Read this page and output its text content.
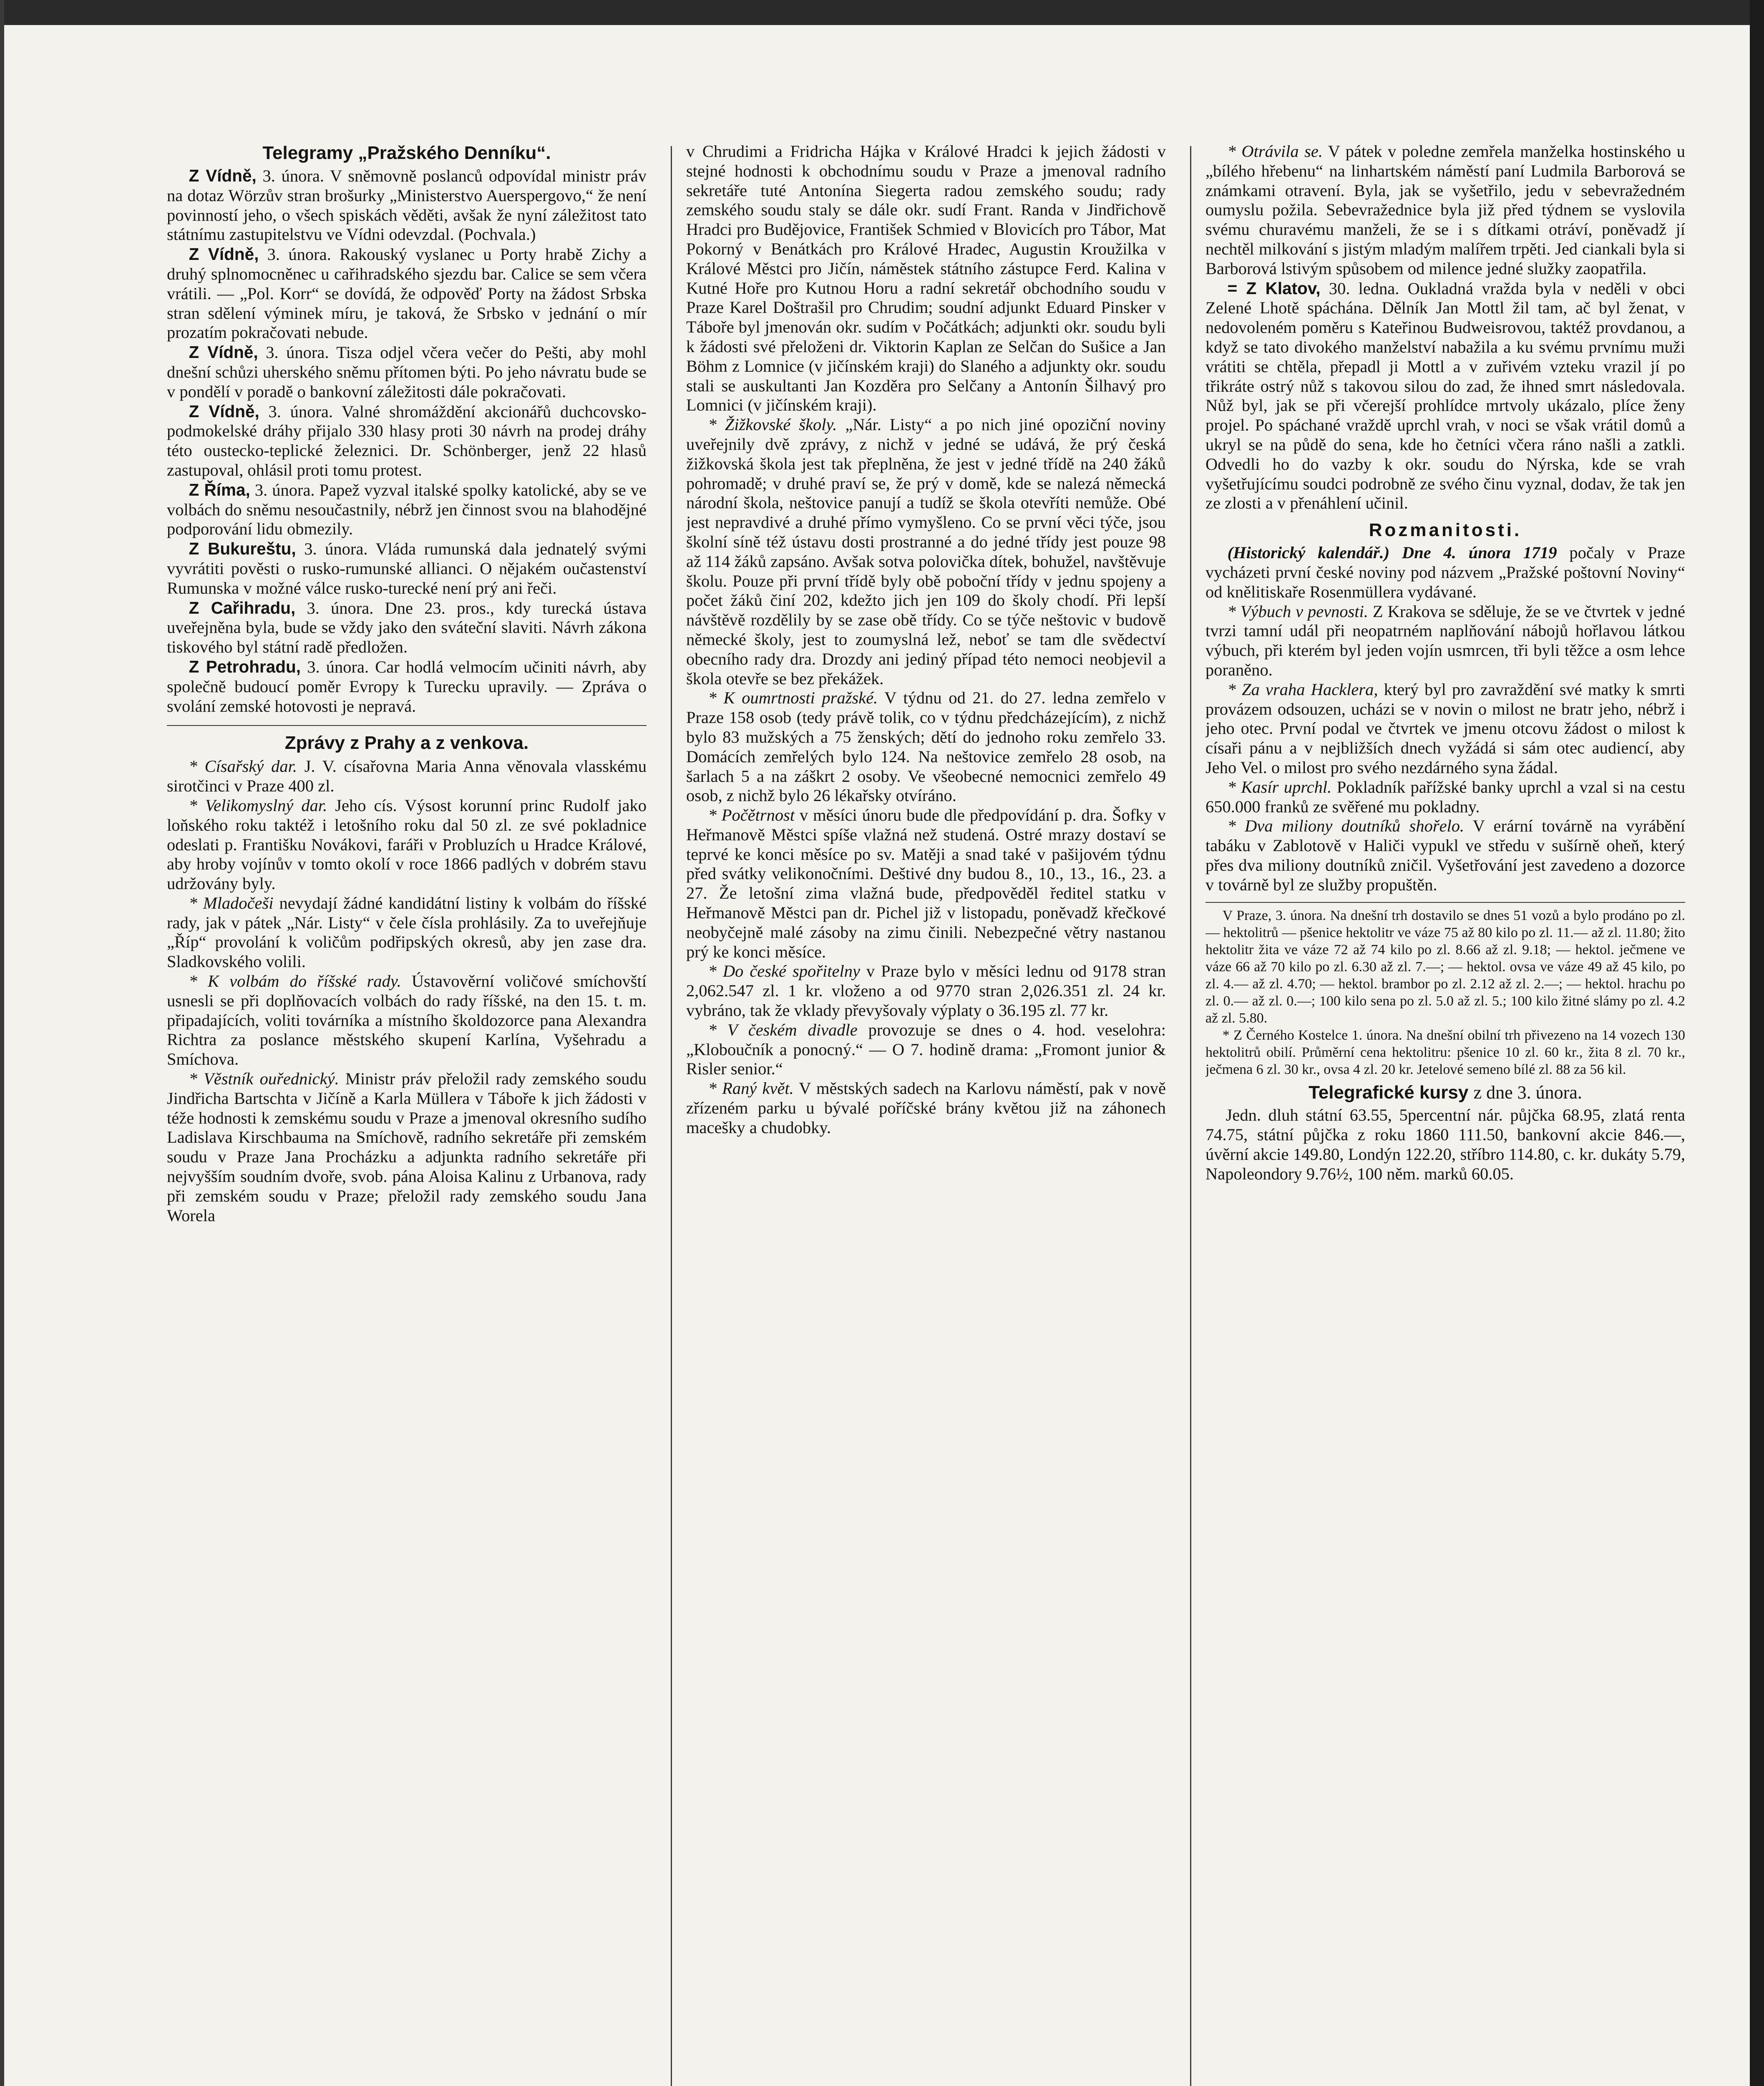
Telegramy „Pražského Denníku“.

Z Vídně, 3. února. V sněmovně poslanců odpovídal ministr práv na dotaz Wörzův stran brošurky „Ministerstvo Auerspergovo,“ že není povinností jeho, o všech spiskách věděti, avšak že nyní záležitost tato státnímu zastupitelstvu ve Vídni odevzdal. (Pochvala.)

Z Vídně, 3. února. Rakouský vyslanec u Porty hrabě Zichy a druhý splnomocněnec u cařihradského sjezdu bar. Calice se sem včera vrátili. — „Pol. Korr“ se dovídá, že odpověď Porty na žádost Srbska stran sdělení výminek míru, je taková, že Srbsko v jednání o mír prozatím pokračovati nebude.

Z Vídně, 3. února. Tisza odjel včera večer do Pešti, aby mohl dnešní schůzi uherského sněmu přítomen býti. Po jeho návratu bude se v pondělí v poradě o bankovní záležitosti dále pokračovati.

Z Vídně, 3. února. Valné shromáždění akcionářů duchcovsko-podmokelské dráhy přijalo 330 hlasy proti 30 návrh na prodej dráhy této oustecko-teplické železnici. Dr. Schönberger, jenž 22 hlasů zastupoval, ohlásil proti tomu protest.

Z Říma, 3. února. Papež vyzval italské spolky katolické, aby se ve volbách do sněmu nesoučastnily, nébrž jen činnost svou na blahodějné podporování lidu obmezily.

Z Bukureštu, 3. února. Vláda rumunská dala jednatelý svými vyvrátiti pověsti o rusko-rumunské allianci. O nějakém oučastenství Rumunska v možné válce rusko-turecké není prý ani řeči.

Z Cařihradu, 3. února. Dne 23. pros., kdy turecká ústava uveřejněna byla, bude se vždy jako den sváteční slaviti. Návrh zákona tiskového byl státní radě předložen.

Z Petrohradu, 3. února. Car hodlá velmocím učiniti návrh, aby společně budoucí poměr Evropy k Turecku upravily. — Zpráva o svolání zemské hotovosti je nepravá.

Zprávy z Prahy a z venkova.

* Císařský dar. J. V. císařovna Maria Anna věnovala vlasskému sirotčinci v Praze 400 zl.

* Velikomyslný dar. Jeho cís. Výsost korunní princ Rudolf jako loňského roku taktéž i letošního roku dal 50 zl. ze své pokladnice odeslati p. Františku Novákovi, faráři v Probluzích u Hradce Králové, aby hroby vojínův v tomto okolí v roce 1866 padlých v dobrém stavu udržovány byly.

* Mladočeši nevydají žádné kandidátní listiny k volbám do říšské rady, jak v pátek „Nár. Listy“ v čele čísla prohlásily. Za to uveřejňuje „Říp“ provolání k voličům podřipských okresů, aby jen zase dra. Sladkovského volili.

* K volbám do říšské rady. Ústavověrní voličové smíchovští usnesli se při doplňovacích volbách do rady říšské, na den 15. t. m. připadajících, voliti továrníka a místního školdozorce pana Alexandra Richtra za poslance městského skupení Karlína, Vyšehradu a Smíchova.

* Věstník ouřednický. Ministr práv přeložil rady zemského soudu Jindřicha Bartschta v Jičíně a Karla Müllera v Táboře k jich žádosti v téže hodnosti k zemskému soudu v Praze a jmenoval okresního sudího Ladislava Kirschbauma na Smíchově, radního sekretáře při zemském soudu v Praze Jana Procházku a adjunkta radního sekretáře při nejvyšším soudním dvoře, svob. pána Aloisa Kalinu z Urbanova, rady při zemském soudu v Praze; přeložil rady zemského soudu Jana Worela

v Chrudimi a Fridricha Hájka v Králové Hradci k jejich žádosti v stejné hodnosti k obchodnímu soudu v Praze a jmenoval radního sekretáře tuté Antonína Siegerta radou zemského soudu; rady zemského soudu staly se dále okr. sudí Frant. Randa v Jindřichově Hradci pro Budějovice, František Schmied v Blovicích pro Tábor, Mat Pokorný v Benátkách pro Králové Hradec, Augustin Kroužilka v Králové Městci pro Jičín, náměstek státního zástupce Ferd. Kalina v Kutné Hoře pro Kutnou Horu a radní sekretář obchodního soudu v Praze Karel Doštrašil pro Chrudim; soudní adjunkt Eduard Pinsker v Táboře byl jmenován okr. sudím v Počátkách; adjunkti okr. soudu byli k žádosti své přeloženi dr. Viktorin Kaplan ze Selčan do Sušice a Jan Böhm z Lomnice (v jičínském kraji) do Slaného a adjunkty okr. soudu stali se auskultanti Jan Kozděra pro Selčany a Antonín Šilhavý pro Lomnici (v jičínském kraji).

* Žižkovské školy. „Nár. Listy“ a po nich jiné opoziční noviny uveřejnily dvě zprávy, z nichž v jedné se udává, že prý česká žižkovská škola jest tak přeplněna, že jest v jedné třídě na 240 žáků pohromadě; v druhé praví se, že prý v domě, kde se nalezá německá národní škola, neštovice panují a tudíž se škola otevříti nemůže. Obé jest nepravdivé a druhé přímo vymyšleno. Co se první věci týče, jsou školní síně též ústavu dosti prostranné a do jedné třídy jest pouze 98 až 114 žáků zapsáno. Avšak sotva polovička dítek, bohužel, navštěvuje školu. Pouze při první třídě byly obě poboční třídy v jednu spojeny a počet žáků činí 202, kdežto jich jen 109 do školy chodí. Při lepší návštěvě rozdělily by se zase obě třídy. Co se týče neštovic v budově německé školy, jest to zoumyslná lež, neboť se tam dle svědectví obecního rady dra. Drozdy ani jediný případ této nemoci neobjevil a škola otevře se bez překážek.

* K oumrtnosti pražské. V týdnu od 21. do 27. ledna zemřelo v Praze 158 osob (tedy právě tolik, co v týdnu předcházejícím), z nichž bylo 83 mužských a 75 ženských; dětí do jednoho roku zemřelo 33. Domácích zemřelých bylo 124. Na neštovice zemřelo 28 osob, na šarlach 5 a na záškrt 2 osoby. Ve všeobecné nemocnici zemřelo 49 osob, z nichž bylo 26 lékařsky otvíráno.

* Počětrnost v měsíci únoru bude dle předpovídání p. dra. Šofky v Heřmanově Městci spíše vlažná než studená. Ostré mrazy dostaví se teprvé ke konci měsíce po sv. Matěji a snad také v pašijovém týdnu před svátky velikonočními. Deštivé dny budou 8., 10., 13., 16., 23. a 27. Že letošní zima vlažná bude, předpověděl ředitel statku v Heřmanově Městci pan dr. Pichel již v listopadu, poněvadž křečkové neobyčejně malé zásoby na zimu činili. Nebezpečné větry nastanou prý ke konci měsíce.

* Do české spořitelny v Praze bylo v měsíci lednu od 9178 stran 2,062.547 zl. 1 kr. vloženo a od 9770 stran 2,026.351 zl. 24 kr. vybráno, tak že vklady převyšovaly výplaty o 36.195 zl. 77 kr.

* V českém divadle provozuje se dnes o 4. hod. veselohra: „Kloboučník a ponocný.“ — O 7. hodině drama: „Fromont junior & Risler senior.“

* Raný květ. V městských sadech na Karlovu náměstí, pak v nově zřízeném parku u bývalé poříčské brány květou již na záhonech macešky a chudobky.

* Otrávila se. V pátek v poledne zemřela manželka hostinského u „bílého hřebenu“ na linhartském náměstí paní Ludmila Barborová se známkami otravení. Byla, jak se vyšetřilo, jedu v sebevražedném oumyslu požila. Sebevražednice byla již před týdnem se vyslovila svému churavému manželi, že se i s dítkami otráví, poněvadž jí nechtěl milkování s jistým mladým malířem trpěti. Jed ciankali byla si Barborová lstivým spůsobem od milence jedné služky zaopatřila.

= Z Klatov, 30. ledna. Oukladná vražda byla v neděli v obci Zelené Lhotě spáchána. Dělník Jan Mottl žil tam, ač byl ženat, v nedovoleném poměru s Kateřinou Budweisrovou, taktéž provdanou, a když se tato divokého manželství nabažila a ku svému prvnímu muži vrátiti se chtěla, přepadl ji Mottl a v zuřivém vzteku vrazil jí po třikráte ostrý nůž s takovou silou do zad, že ihned smrt následovala. Nůž byl, jak se při včerejší prohlídce mrtvoly ukázalo, plíce ženy projel. Po spáchané vraždě uprchl vrah, v noci se však vrátil domů a ukryl se na půdě do sena, kde ho četníci včera ráno našli a zatkli. Odvedli ho do vazby k okr. soudu do Nýrska, kde se vrah vyšetřujícímu soudci podrobně ze svého činu vyznal, dodav, že tak jen ze zlosti a v přenáhlení učinil.

Rozmanitosti.

(Historický kalendář.) Dne 4. února 1719 počaly v Praze vycházeti první české noviny pod názvem „Pražské poštovní Noviny“ od knělitiskaře Rosenmüllera vydávané.

* Výbuch v pevnosti. Z Krakova se sděluje, že se ve čtvrtek v jedné tvrzi tamní udál při neopatrném naplňování nábojů hořlavou látkou výbuch, při kterém byl jeden vojín usmrcen, tři byli těžce a osm lehce poraněno.

* Za vraha Hacklera, který byl pro zavraždění své matky k smrti provázem odsouzen, ucházi se v novin o milost ne bratr jeho, nébrž i jeho otec. První podal ve čtvrtek ve jmenu otcovu žádost o milost k císaři pánu a v nejbližších dnech vyžádá si sám otec audiencí, aby Jeho Vel. o milost pro svého nezdárného syna žádal.

* Kasír uprchl. Pokladník pařížské banky uprchl a vzal si na cestu 650.000 franků ze svěřené mu pokladny.

* Dva miliony doutníků shořelo. V erární továrně na vyrábění tabáku v Zablotově v Haliči vypukl ve středu v sušírně oheň, který přes dva miliony doutníků zničil. Vyšetřování jest zavedeno a dozorce v továrně byl ze služby propuštěn.

V Praze, 3. února. Na dnešní trh dostavilo se dnes 51 vozů a bylo prodáno po zl. — hektolitrů — pšenice hektolitr ve váze 75 až 80 kilo po zl. 11.— až zl. 11.80; žito hektolitr žita ve váze 72 až 74 kilo po zl. 8.66 až zl. 9.18; — hektol. ječmene ve váze 66 až 70 kilo po zl. 6.30 až zl. 7.—; — hektol. ovsa ve váze 49 až 45 kilo, po zl. 4.— až zl. 4.70; — hektol. brambor po zl. 2.12 až zl. 2.—; — hektol. hrachu po zl. 0.— až zl. 0.—; 100 kilo sena po zl. 5.0 až zl. 5.; 100 kilo žitné slámy po zl. 4.2 až zl. 5.80.

* Z Černého Kostelce 1. února. Na dnešní obilní trh přivezeno na 14 vozech 130 hektolitrů obilí. Průměrní cena hektolitru: pšenice 10 zl. 60 kr., žita 8 zl. 70 kr., ječmena 6 zl. 30 kr., ovsa 4 zl. 20 kr. Jetelové semeno bílé zl. 88 za 56 kil.

Telegrafické kursy z dne 3. února.

Jedn. dluh státní 63.55, 5percentní nár. půjčka 68.95, zlatá renta 74.75, státní půjčka z roku 1860 111.50, bankovní akcie 846.—, úvěrní akcie 149.80, Londýn 122.20, stříbro 114.80, c. kr. dukáty 5.79, Napoleondory 9.76½, 100 něm. marků 60.05.
